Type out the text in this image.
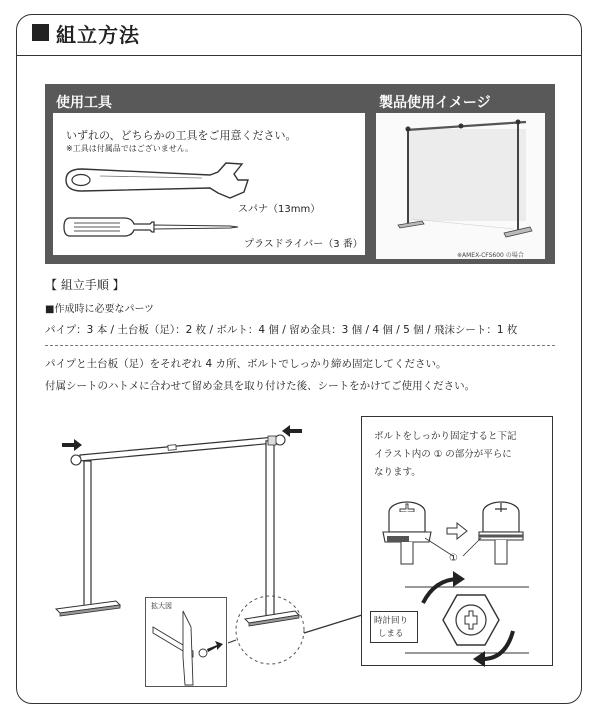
組立方法
使用工具	製品使用イメージ
いずれの、どちらかの工具をご用意ください。
※工具は付属品ではございません。
スパナ（13mm）
プラスドライバー（3 番）
※AMEX-CFS600 の場合
【 組立手順 】
■作成時に必要なパーツ
パイプ：3 本 / 土台板（足）：2 枚 / ボルト：4 個 / 留め金具：3 個 / 4 個 / 5 個 / 飛沫シート：1 枚
パイプと土台板（足）をそれぞれ 4 カ所、ボルトでしっかり締め固定してください。
付属シートのハトメに合わせて留め金具を取り付けた後、シートをかけてご使用ください。
拡大図
ボルトをしっかり固定すると下記
イラスト内の ① の部分が平らに
なります。
①
時計回り
しまる
